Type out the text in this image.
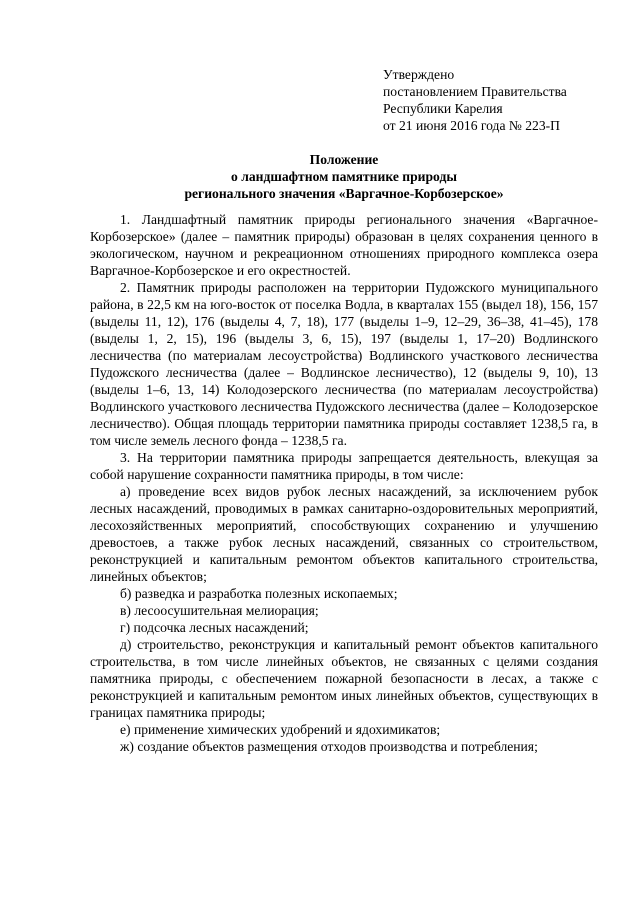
Утверждено
постановлением Правительства
Республики Карелия
от 21 июня 2016 года № 223-П
Положение
о ландшафтном памятнике природы
регионального значения «Варгачное-Корбозерское»

1. Ландшафтный памятник природы регионального значения «Варгачное-Корбозерское» (далее – памятник природы) образован в целях сохранения ценного в экологическом, научном и рекреационном отношениях природного комплекса озера Варгачное-Корбозерское и его окрестностей.

2. Памятник природы расположен на территории Пудожского муниципального района, в 22,5 км на юго-восток от поселка Водла, в кварталах 155 (выдел 18), 156, 157 (выделы 11, 12), 176 (выделы 4, 7, 18), 177 (выделы 1–9, 12–29, 36–38, 41–45), 178 (выделы 1, 2, 15), 196 (выделы 3, 6, 15), 197 (выделы 1, 17–20) Водлинского лесничества (по материалам лесоустройства) Водлинского участкового лесничества Пудожского лесничества (далее – Водлинское лесничество), 12 (выделы 9, 10), 13 (выделы 1–6, 13, 14) Колодозерского лесничества (по материалам лесоустройства) Водлинского участкового лесничества Пудожского лесничества (далее – Колодозерское лесничество). Общая площадь территории памятника природы составляет 1238,5 га, в том числе земель лесного фонда – 1238,5 га.

3. На территории памятника природы запрещается деятельность, влекущая за собой нарушение сохранности памятника природы, в том числе:

а) проведение всех видов рубок лесных насаждений, за исключением рубок лесных насаждений, проводимых в рамках санитарно-оздоровительных мероприятий, лесохозяйственных мероприятий, способствующих сохранению и улучшению древостоев, а также рубок лесных насаждений, связанных со строительством, реконструкцией и капитальным ремонтом объектов капитального строительства, линейных объектов;

б) разведка и разработка полезных ископаемых;

в) лесоосушительная мелиорация;

г) подсочка лесных насаждений;

д) строительство, реконструкция и капитальный ремонт объектов капитального строительства, в том числе линейных объектов, не связанных с целями создания памятника природы, с обеспечением пожарной безопасности в лесах, а также с реконструкцией и капитальным ремонтом иных линейных объектов, существующих в границах памятника природы;

е) применение химических удобрений и ядохимикатов;

ж) создание объектов размещения отходов производства и потребления;
